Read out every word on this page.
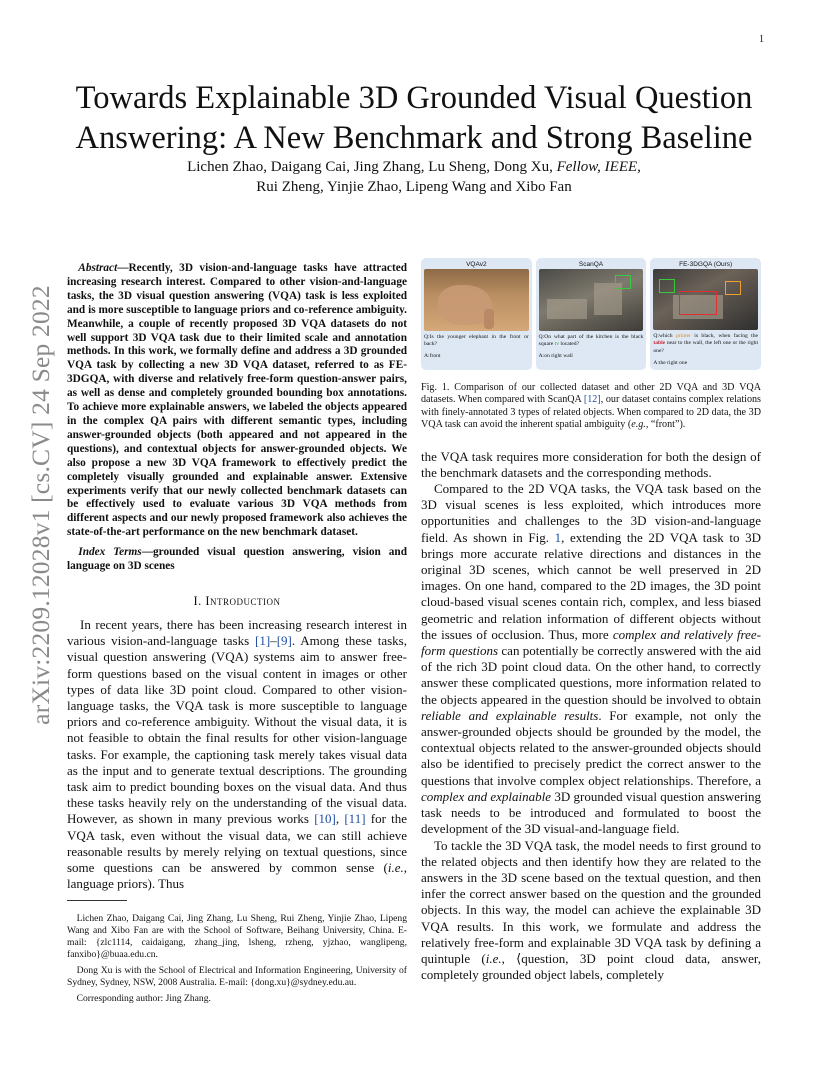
1
arXiv:2209.12028v1 [cs.CV] 24 Sep 2022
Towards Explainable 3D Grounded Visual Question Answering: A New Benchmark and Strong Baseline
Lichen Zhao, Daigang Cai, Jing Zhang, Lu Sheng, Dong Xu, Fellow, IEEE,
Rui Zheng, Yinjie Zhao, Lipeng Wang and Xibo Fan

Abstract—Recently, 3D vision-and-language tasks have attracted increasing research interest. Compared to other vision-and-language tasks, the 3D visual question answering (VQA) task is less exploited and is more susceptible to language priors and co-reference ambiguity. Meanwhile, a couple of recently proposed 3D VQA datasets do not well support 3D VQA task due to their limited scale and annotation methods. In this work, we formally define and address a 3D grounded VQA task by collecting a new 3D VQA dataset, referred to as FE-3DGQA, with diverse and relatively free-form question-answer pairs, as well as dense and completely grounded bounding box annotations. To achieve more explainable answers, we labeled the objects appeared in the complex QA pairs with different semantic types, including answer-grounded objects (both appeared and not appeared in the questions), and contextual objects for answer-grounded objects. We also propose a new 3D VQA framework to effectively predict the completely visually grounded and explainable answer. Extensive experiments verify that our newly collected benchmark datasets can be effectively used to evaluate various 3D VQA methods from different aspects and our newly proposed framework also achieves the state-of-the-art performance on the new benchmark dataset.

Index Terms—grounded visual question answering, vision and language on 3D scenes

I. Introduction

In recent years, there has been increasing research interest in various vision-and-language tasks [1]–[9]. Among these tasks, visual question answering (VQA) systems aim to answer free-form questions based on the visual content in images or other types of data like 3D point cloud. Compared to other vision-language tasks, the VQA task is more susceptible to language priors and co-reference ambiguity. Without the visual data, it is not feasible to obtain the final results for other vision-language tasks. For example, the captioning task merely takes visual data as the input and to generate textual descriptions. The grounding task aim to predict bounding boxes on the visual data. And thus these tasks heavily rely on the understanding of the visual data. However, as shown in many previous works [10], [11] for the VQA task, even without the visual data, we can still achieve reasonable results by merely relying on textual questions, since some questions can be answered by common sense (i.e., language priors). Thus

Lichen Zhao, Daigang Cai, Jing Zhang, Lu Sheng, Rui Zheng, Yinjie Zhao, Lipeng Wang and Xibo Fan are with the School of Software, Beihang University, China. E-mail: {zlc1114, caidaigang, zhang_jing, lsheng, rzheng, yjzhao, wanglipeng, fanxibo}@buaa.edu.cn.

Dong Xu is with the School of Electrical and Information Engineering, University of Sydney, Sydney, NSW, 2008 Australia. E-mail: {dong.xu}@sydney.edu.au.

Corresponding author: Jing Zhang.

VQAv2
Q:Is the younger elephant in the front or back?
A:front
ScanQA
Q:On what part of the kitchen is the black square tv located?
A:on right wall
FE-3DGQA (Ours)
Q:which printer is black, when facing the table near to the wall, the left one or the right one?
A:the right one

Fig. 1. Comparison of our collected dataset and other 2D VQA and 3D VQA datasets. When compared with ScanQA [12], our dataset contains complex relations with finely-annotated 3 types of related objects. When compared to 2D data, the 3D VQA task can avoid the inherent spatial ambiguity (e.g., “front”).

the VQA task requires more consideration for both the design of the benchmark datasets and the corresponding methods.

Compared to the 2D VQA tasks, the VQA task based on the 3D visual scenes is less exploited, which introduces more opportunities and challenges to the 3D vision-and-language field. As shown in Fig. 1, extending the 2D VQA task to 3D brings more accurate relative directions and distances in the original 3D scenes, which cannot be well preserved in 2D images. On one hand, compared to the 2D images, the 3D point cloud-based visual scenes contain rich, complex, and less biased geometric and relation information of different objects without the issues of occlusion. Thus, more complex and relatively free-form questions can potentially be correctly answered with the aid of the rich 3D point cloud data. On the other hand, to correctly answer these complicated questions, more information related to the objects appeared in the question should be involved to obtain reliable and explainable results. For example, not only the answer-grounded objects should be grounded by the model, the contextual objects related to the answer-grounded objects should also be identified to precisely predict the correct answer to the questions that involve complex object relationships. Therefore, a complex and explainable 3D grounded visual question answering task needs to be introduced and formulated to boost the development of the 3D visual-and-language field.

To tackle the 3D VQA task, the model needs to first ground to the related objects and then identify how they are related to the answers in the 3D scene based on the textual question, and then infer the correct answer based on the question and the grounded objects. In this way, the model can achieve the explainable 3D VQA results. In this work, we formulate and address the relatively free-form and explainable 3D VQA task by defining a quintuple (i.e., ⟨question, 3D point cloud data, answer, completely grounded object labels, completely
